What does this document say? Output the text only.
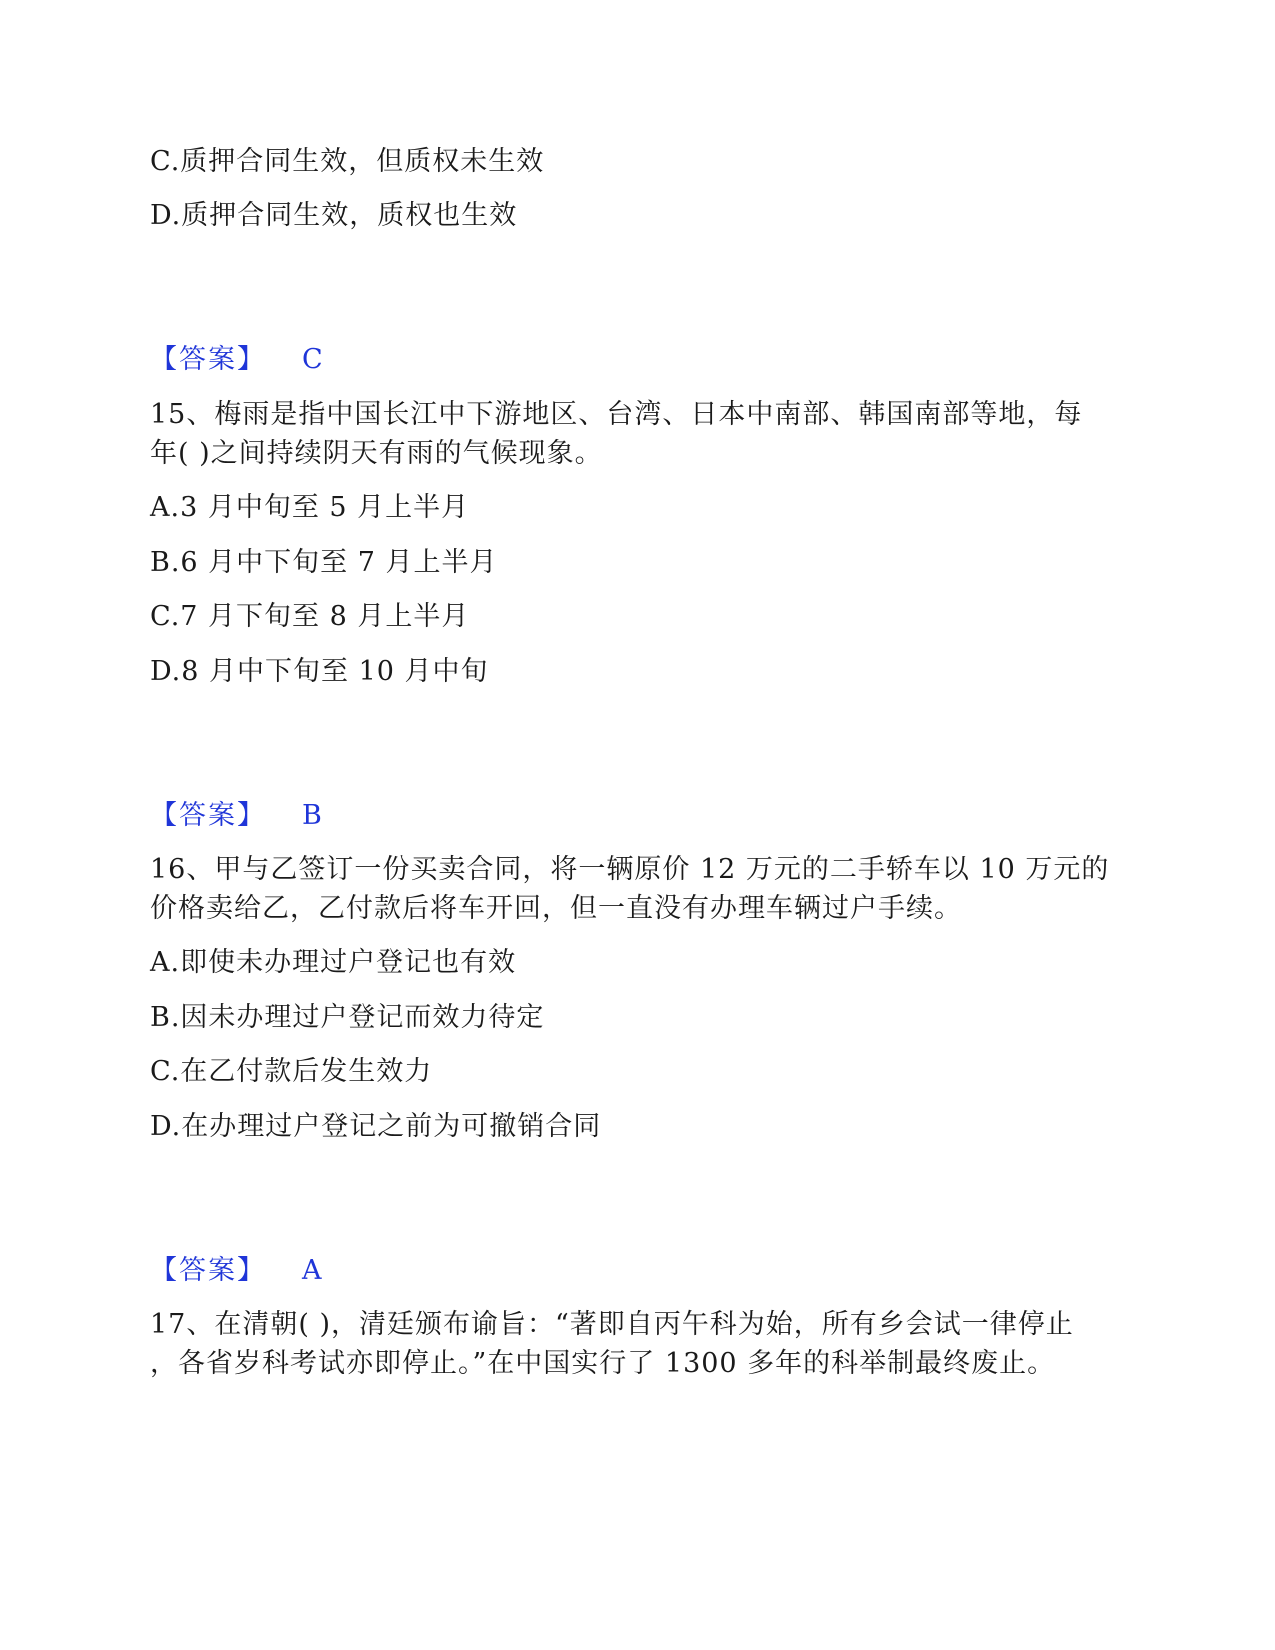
C.质押合同生效，但质权未生效
D.质押合同生效，质权也生效
【答案】 C
15、梅雨是指中国长江中下游地区、台湾、日本中南部、韩国南部等地，每
年( )之间持续阴天有雨的气候现象。
A.3 月中旬至 5 月上半月
B.6 月中下旬至 7 月上半月
C.7 月下旬至 8 月上半月
D.8 月中下旬至 10 月中旬
【答案】 B
16、甲与乙签订一份买卖合同，将一辆原价 12 万元的二手轿车以 10 万元的
价格卖给乙，乙付款后将车开回，但一直没有办理车辆过户手续。
A.即使未办理过户登记也有效
B.因未办理过户登记而效力待定
C.在乙付款后发生效力
D.在办理过户登记之前为可撤销合同
【答案】 A
17、在清朝( )，清廷颁布谕旨：“著即自丙午科为始，所有乡会试一律停止
，各省岁科考试亦即停止。”在中国实行了 1300 多年的科举制最终废止。
